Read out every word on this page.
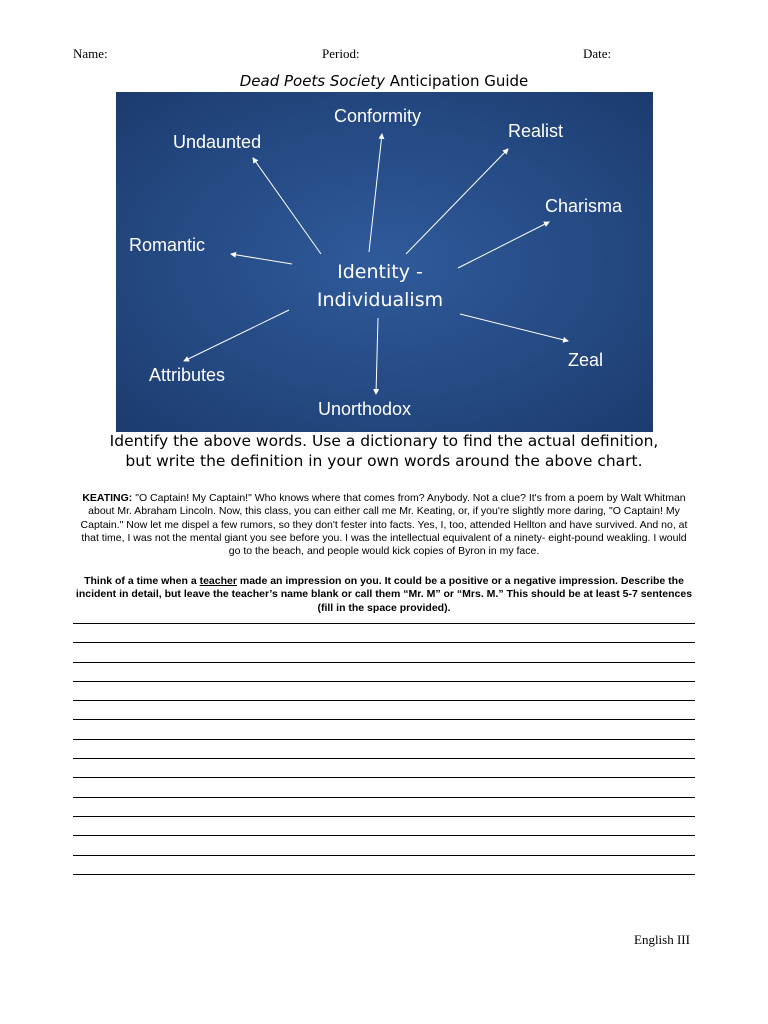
Name:	Period:	Date:
Dead Poets Society Anticipation Guide
Conformity
Undaunted
Realist
Charisma
Romantic
Zeal
Attributes
Unorthodox
Identity -
Individualism
Identify the above words. Use a dictionary to find the actual definition,
but write the definition in your own words around the above chart.
KEATING: "O Captain! My Captain!" Who knows where that comes from? Anybody. Not a clue? It's from a poem by Walt Whitman about Mr. Abraham Lincoln. Now, this class, you can either call me Mr. Keating, or, if you're slightly more daring, "O Captain! My Captain." Now let me dispel a few rumors, so they don't fester into facts. Yes, I, too, attended Hellton and have survived. And no, at that time, I was not the mental giant you see before you. I was the intellectual equivalent of a ninety- eight-pound weakling. I would go to the beach, and people would kick copies of Byron in my face.
Think of a time when a teacher made an impression on you. It could be a positive or a negative impression. Describe the incident in detail, but leave the teacher’s name blank or call them “Mr. M” or “Mrs. M.” This should be at least 5-7 sentences (fill in the space provided).
English III
